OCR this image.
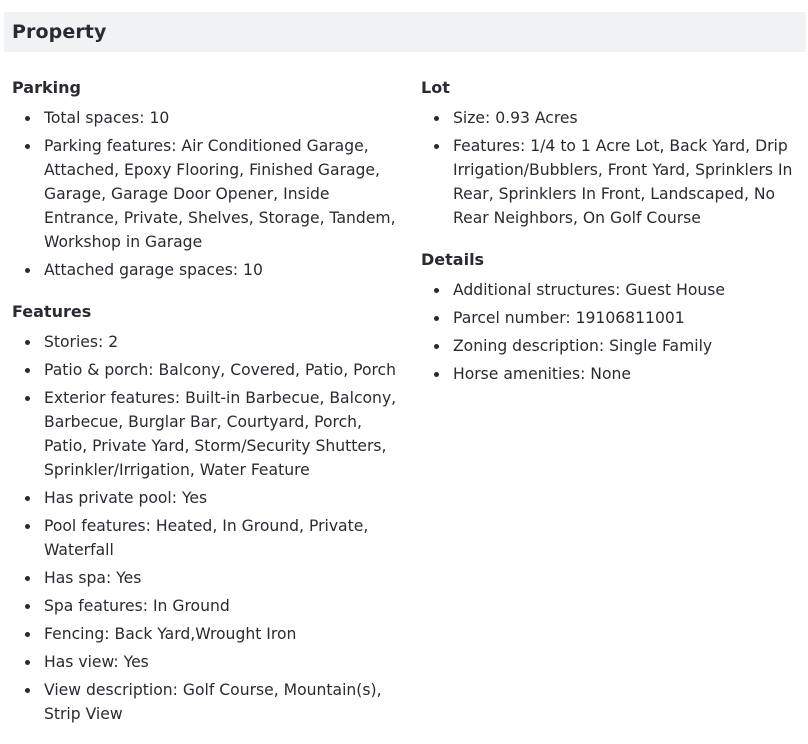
Property
Parking
Total spaces: 10
Parking features: Air Conditioned Garage, Attached, Epoxy Flooring, Finished Garage, Garage, Garage Door Opener, Inside Entrance, Private, Shelves, Storage, Tandem, Workshop in Garage
Attached garage spaces: 10
Features
Stories: 2
Patio & porch: Balcony, Covered, Patio, Porch
Exterior features: Built-in Barbecue, Balcony, Barbecue, Burglar Bar, Courtyard, Porch, Patio, Private Yard, Storm/Security Shutters, Sprinkler/Irrigation, Water Feature
Has private pool: Yes
Pool features: Heated, In Ground, Private, Waterfall
Has spa: Yes
Spa features: In Ground
Fencing: Back Yard,Wrought Iron
Has view: Yes
View description: Golf Course, Mountain(s), Strip View
Lot
Size: 0.93 Acres
Features: 1/4 to 1 Acre Lot, Back Yard, Drip Irrigation/Bubblers, Front Yard, Sprinklers In Rear, Sprinklers In Front, Landscaped, No Rear Neighbors, On Golf Course
Details
Additional structures: Guest House
Parcel number: 19106811001
Zoning description: Single Family
Horse amenities: None
